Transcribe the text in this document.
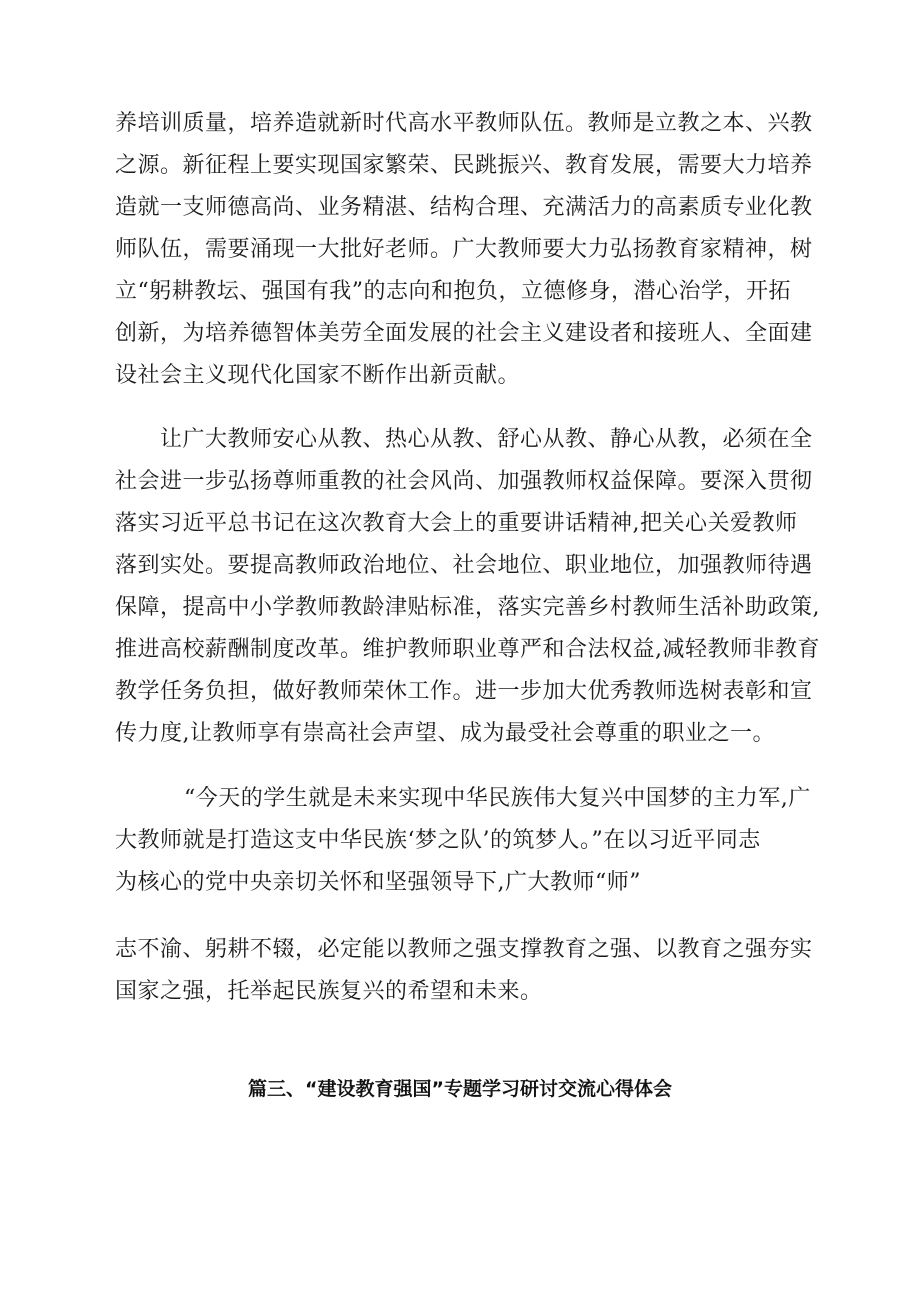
养培训质量，培养造就新时代高水平教师队伍。教师是立教之本、兴教
之源。新征程上要实现国家繁荣、民跳振兴、教育发展，需要大力培养
造就一支师德高尚、业务精湛、结构合理、充满活力的高素质专业化教
师队伍，需要涌现一大批好老师。广大教师要大力弘扬教育家精神，树
立“躬耕教坛、强国有我”的志向和抱负，立德修身，潜心治学，开拓
创新，为培养德智体美劳全面发展的社会主义建设者和接班人、全面建
设社会主义现代化国家不断作出新贡献。
让广大教师安心从教、热心从教、舒心从教、静心从教，必须在全
社会进一步弘扬尊师重教的社会风尚、加强教师权益保障。要深入贯彻
落实习近平总书记在这次教育大会上的重要讲话精神,把关心关爱教师
落到实处。要提高教师政治地位、社会地位、职业地位，加强教师待遇
保障，提高中小学教师教龄津贴标准，落实完善乡村教师生活补助政策,
推进高校薪酬制度改革。维护教师职业尊严和合法权益,减轻教师非教育
教学任务负担，做好教师荣休工作。进一步加大优秀教师选树表彰和宣
传力度,让教师享有崇高社会声望、成为最受社会尊重的职业之一。
“今天的学生就是未来实现中华民族伟大复兴中国梦的主力军,广
大教师就是打造这支中华民族‘梦之队’的筑梦人。”在以习近平同志
为核心的党中央亲切关怀和坚强领导下,广大教师“师”
志不渝、躬耕不辍，必定能以教师之强支撑教育之强、以教育之强夯实
国家之强，托举起民族复兴的希望和未来。
篇三、“建设教育强国”专题学习研讨交流心得体会
